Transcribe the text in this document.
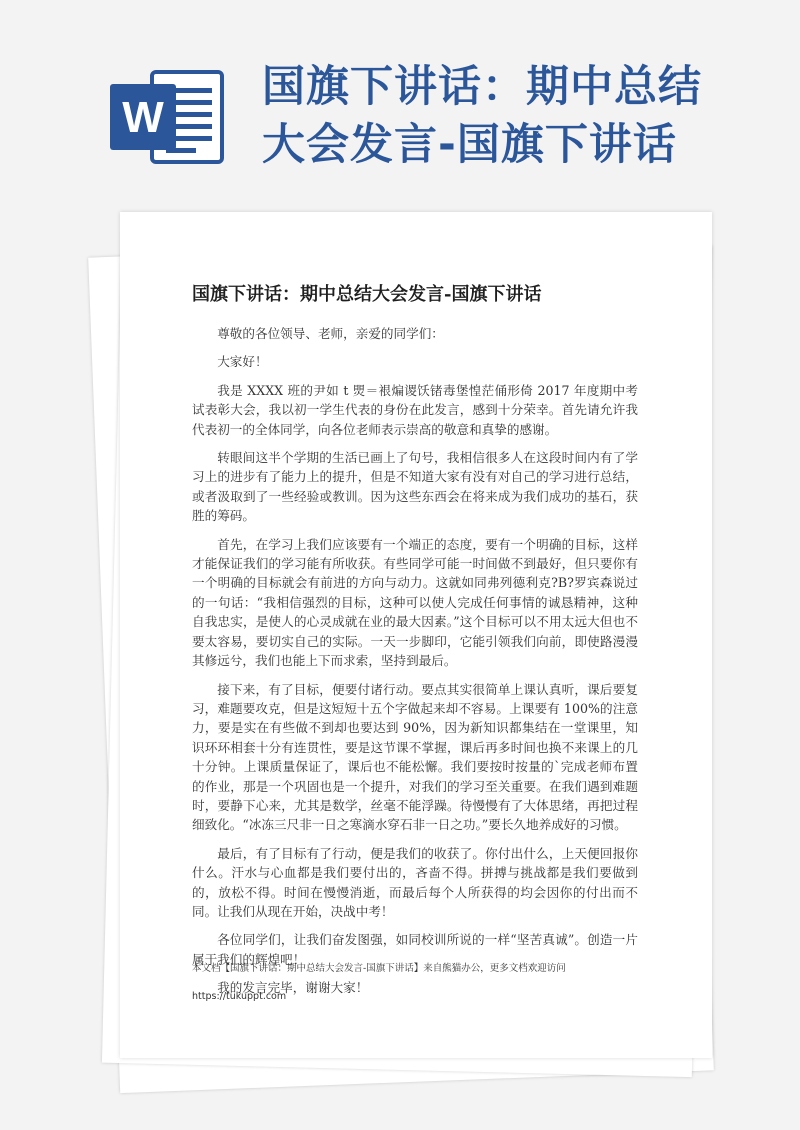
W
国旗下讲话：期中总结
大会发言-国旗下讲话
国旗下讲话：期中总结大会发言-国旗下讲话

尊敬的各位领导、老师，亲爱的同学们：

大家好！

我是 XXXX 班的尹如 t 煛＝裉煸谡饫锗毒堡惶茫俑形倚 2017 年度期中考试表彰大会，我以初一学生代表的身份在此发言，感到十分荣幸。首先请允许我代表初一的全体同学，向各位老师表示崇高的敬意和真挚的感谢。

转眼间这半个学期的生活已画上了句号，我相信很多人在这段时间内有了学习上的进步有了能力上的提升，但是不知道大家有没有对自己的学习进行总结，或者汲取到了一些经验或教训。因为这些东西会在将来成为我们成功的基石，获胜的筹码。

首先，在学习上我们应该要有一个端正的态度，要有一个明确的目标，这样才能保证我们的学习能有所收获。有些同学可能一时间做不到最好，但只要你有一个明确的目标就会有前进的方向与动力。这就如同弗列德利克?B?罗宾森说过的一句话：“我相信强烈的目标，这种可以使人完成任何事情的诚恳精神，这种自我忠实，是使人的心灵成就在业的最大因素。”这个目标可以不用太远大但也不要太容易，要切实自己的实际。一天一步脚印，它能引领我们向前，即使路漫漫其修远兮，我们也能上下而求索，坚持到最后。

接下来，有了目标，便要付诸行动。要点其实很简单上课认真听，课后要复习，难题要攻克，但是这短短十五个字做起来却不容易。上课要有 100%的注意力，要是实在有些做不到却也要达到 90%，因为新知识都集结在一堂课里，知识环环相套十分有连贯性，要是这节课不掌握，课后再多时间也换不来课上的几十分钟。上课质量保证了，课后也不能松懈。我们要按时按量的`完成老师布置的作业，那是一个巩固也是一个提升，对我们的学习至关重要。在我们遇到难题时，要静下心来，尤其是数学，丝毫不能浮躁。待慢慢有了大体思绪，再把过程细致化。“冰冻三尺非一日之寒滴水穿石非一日之功。”要长久地养成好的习惯。

最后，有了目标有了行动，便是我们的收获了。你付出什么，上天便回报你什么。汗水与心血都是我们要付出的，吝啬不得。拼搏与挑战都是我们要做到的，放松不得。时间在慢慢消逝，而最后每个人所获得的均会因你的付出而不同。让我们从现在开始，决战中考！

各位同学们，让我们奋发图强，如同校训所说的一样“坚苦真诚”。创造一片属于我们的辉煌吧！

我的发言完毕，谢谢大家！

本文档【国旗下讲话：期中总结大会发言-国旗下讲话】来自熊猫办公，更多文档欢迎访问
https://tukuppt.com
